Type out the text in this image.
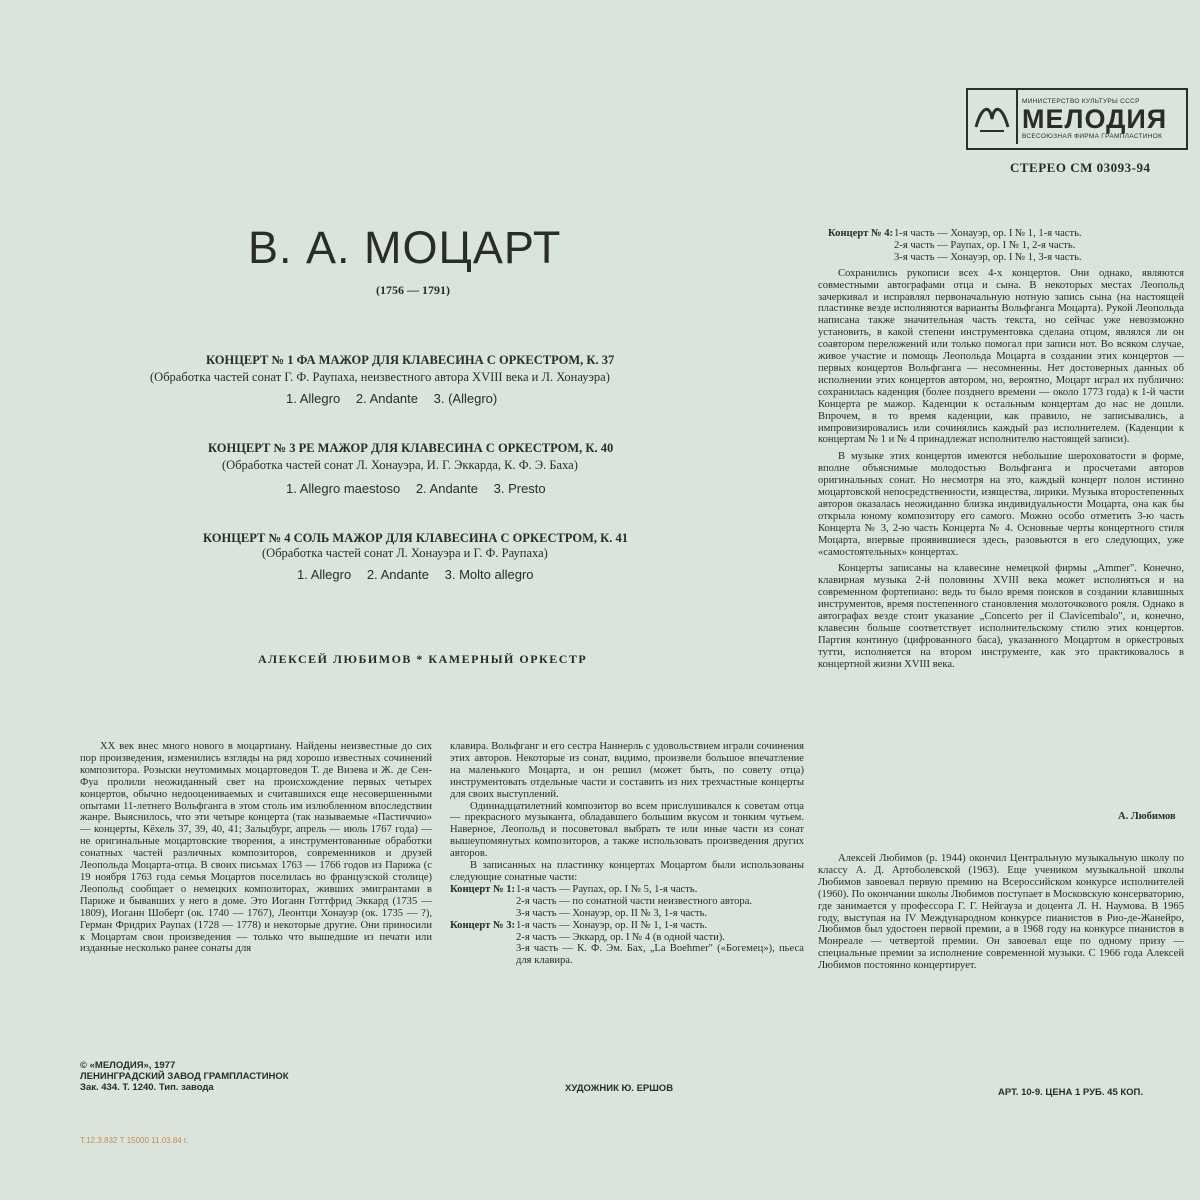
МИНИСТЕРСТВО КУЛЬТУРЫ СССР
МЕЛОДИЯ
ВСЕСОЮЗНАЯ ФИРМА ГРАМПЛАСТИНОК
СТЕРЕО СМ 03093-94
В. А. МОЦАРТ
(1756 — 1791)
КОНЦЕРТ № 1 ФА МАЖОР ДЛЯ КЛАВЕСИНА С ОРКЕСТРОМ, К. 37
(Обработка частей сонат Г. Ф. Раупаха, неизвестного автора XVIII века и Л. Хонауэра)
1. Allegro 2. Andante 3. (Allegro)
КОНЦЕРТ № 3 РЕ МАЖОР ДЛЯ КЛАВЕСИНА С ОРКЕСТРОМ, К. 40
(Обработка частей сонат Л. Хонауэра, И. Г. Эккарда, К. Ф. Э. Баха)
1. Allegro maestoso 2. Andante 3. Presto
КОНЦЕРТ № 4 СОЛЬ МАЖОР ДЛЯ КЛАВЕСИНА С ОРКЕСТРОМ, К. 41
(Обработка частей сонат Л. Хонауэра и Г. Ф. Раупаха)
1. Allegro 2. Andante 3. Molto allegro
АЛЕКСЕЙ ЛЮБИМОВ * КАМЕРНЫЙ ОРКЕСТР

XX век внес много нового в моцартиану. Найдены неизвестные до сих пор произведения, изменились взгляды на ряд хорошо известных сочинений композитора. Розыски неутомимых моцартоведов Т. де Визева и Ж. де Сен-Фуа пролили неожиданный свет на происхождение первых четырех концертов, обычно недооцениваемых и считавшихся еще несовершенными опытами 11-летнего Вольфганга в этом столь им излюбленном впоследствии жанре. Выяснилось, что эти четыре концерта (так называемые «Пастиччио» — концерты, Кёхель 37, 39, 40, 41; Зальцбург, апрель — июль 1767 года) — не оригинальные моцартовские творения, а инструментованные обработки сонатных частей различных композиторов, современников и друзей Леопольда Моцарта-отца. В своих письмах 1763 — 1766 годов из Парижа (с 19 ноября 1763 года семья Моцартов поселилась во французской столице) Леопольд сообщает о немецких композиторах, живших эмигрантами в Париже и бывавших у него в доме. Это Иоганн Готтфрид Эккард (1735 — 1809), Иоганн Шоберт (ок. 1740 — 1767), Леонтци Хонауэр (ок. 1735 — ?), Герман Фридрих Раупах (1728 — 1778) и некоторые другие. Они приносили к Моцартам свои произведения — только что вышедшие из печати или изданные несколько ранее сонаты для

клавира. Вольфганг и его сестра Наннерль с удовольствием играли сочинения этих авторов. Некоторые из сонат, видимо, произвели большое впечатление на маленького Моцарта, и он решил (может быть, по совету отца) инструментовать отдельные части и составить из них трехчастные концерты для своих выступлений.

Одиннадцатилетний композитор во всем прислушивался к советам отца — прекрасного музыканта, обладавшего большим вкусом и тонким чутьем. Наверное, Леопольд и посоветовал выбрать те или иные части из сонат вышеупомянутых композиторов, а также использовать произведения других авторов.

В записанных на пластинку концертах Моцартом были использованы следующие сонатные части:

Концерт № 1:	1-я часть — Раупах, ор. I № 5, 1-я часть.
	2-я часть — по сонатной части неизвестного автора.
	3-я часть — Хонауэр, ор. II № 3, 1-я часть.
Концерт № 3:	1-я часть — Хонауэр, ор. II № 1, 1-я часть.
	2-я часть — Эккард, ор. I № 4 (в одной части).
	3-я часть — К. Ф. Эм. Бах, „La Boehmer" («Богемец»), пьеса для клавира.
Концерт № 4:	1-я часть — Хонауэр, ор. I № 1, 1-я часть.
	2-я часть — Раупах, ор. I № 1, 2-я часть.
	3-я часть — Хонауэр, ор. I № 1, 3-я часть.

Сохранились рукописи всех 4-х концертов. Они однако, являются совместными автографами отца и сына. В некоторых местах Леопольд зачеркивал и исправлял первоначальную нотную запись сына (на настоящей пластинке везде исполняются варианты Вольфганга Моцарта). Рукой Леопольда написана также значительная часть текста, но сейчас уже невозможно установить, в какой степени инструментовка сделана отцом, являлся ли он соавтором переложений или только помогал при записи нот. Во всяком случае, живое участие и помощь Леопольда Моцарта в создании этих концертов — первых концертов Вольфганга — несомненны. Нет достоверных данных об исполнении этих концертов автором, но, вероятно, Моцарт играл их публично: сохранилась каденция (более позднего времени — около 1773 года) к 1-й части Концерта ре мажор. Каденции к остальным концертам до нас не дошли. Впрочем, в то время каденции, как правило, не записывались, а импровизировались или сочинялись каждый раз исполнителем. (Каденции к концертам № 1 и № 4 принадлежат исполнителю настоящей записи).

В музыке этих концертов имеются небольшие шероховатости в форме, вполне объяснимые молодостью Вольфганга и просчетами авторов оригинальных сонат. Но несмотря на это, каждый концерт полон истинно моцартовской непосредственности, изящества, лирики. Музыка второстепенных авторов оказалась неожиданно близка индивидуальности Моцарта, она как бы открыла юному композитору его самого. Можно особо отметить 3-ю часть Концерта № 3, 2-ю часть Концерта № 4. Основные черты концертного стиля Моцарта, впервые проявившиеся здесь, разовьются в его следующих, уже «самостоятельных» концертах.

Концерты записаны на клавесине немецкой фирмы „Ammer". Конечно, клавирная музыка 2-й половины XVIII века может исполняться и на современном фортепиано: ведь то было время поисков в создании клавишных инструментов, время постепенного становления молоточкового рояля. Однако в автографах везде стоит указание „Concerto per il Clavicembalo", и, конечно, клавесин больше соответствует исполнительскому стилю этих концертов. Партия континуо (цифрованного баса), указанного Моцартом в оркестровых тутти, исполняется на втором инструменте, как это практиковалось в концертной жизни XVIII века.

А. Любимов

Алексей Любимов (р. 1944) окончил Центральную музыкальную школу по классу А. Д. Артоболевской (1963). Еще учеником музыкальной школы Любимов завоевал первую премию на Всероссийском конкурсе исполнителей (1960). По окончании школы Любимов поступает в Московскую консерваторию, где занимается у профессора Г. Г. Нейгауза и доцента Л. Н. Наумова. В 1965 году, выступая на IV Международном конкурсе пианистов в Рио-де-Жанейро, Любимов был удостоен первой премии, а в 1968 году на конкурсе пианистов в Монреале — четвертой премии. Он завоевал еще по одному призу — специальные премии за исполнение современной музыки. С 1966 года Алексей Любимов постоянно концертирует.

© «МЕЛОДИЯ», 1977
ЛЕНИНГРАДСКИЙ ЗАВОД ГРАМПЛАСТИНОК
Зак. 434. Т. 1240. Тип. завода	ХУДОЖНИК Ю. ЕРШОВ	АРТ. 10-9. ЦЕНА 1 РУБ. 45 КОП.
Т.12.3.832 Т 15000 11.03.84 г.
